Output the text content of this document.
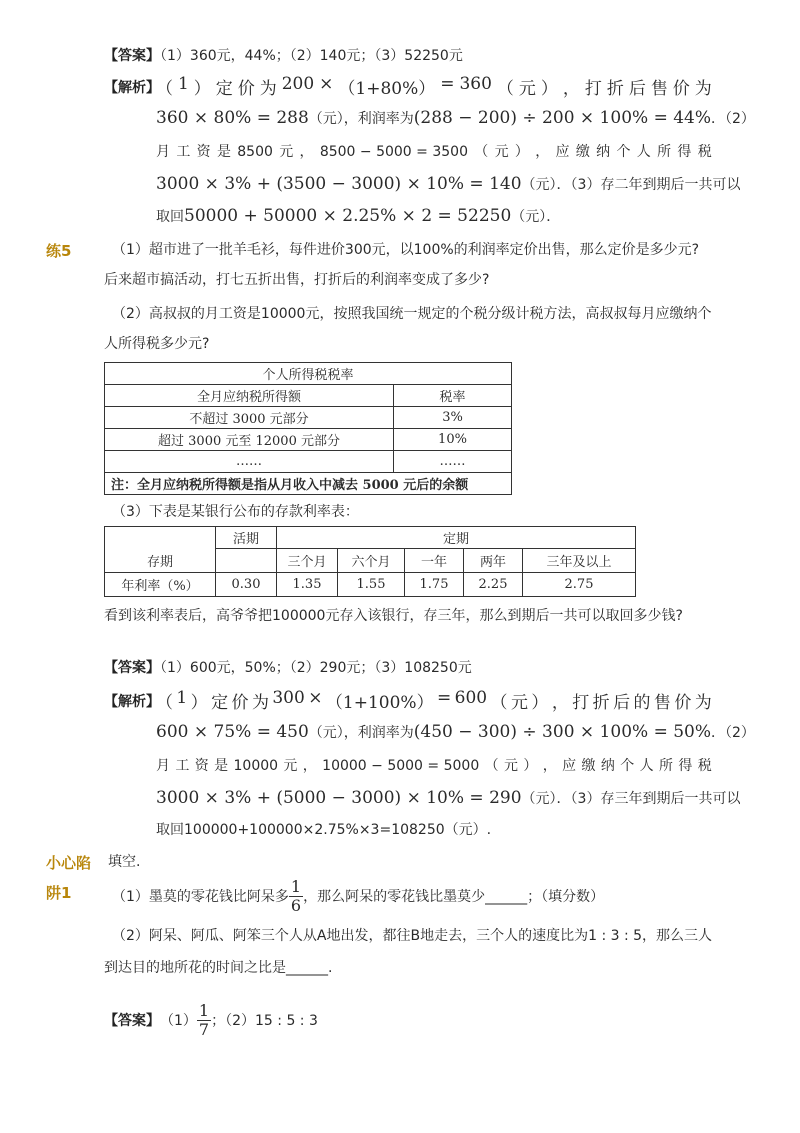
【答案】（1）360元，44%；（2）140元；（3）52250元
【解析】
（ 1 ） 定 价 为 200 × （1+80%） = 360 （ 元 ） ， 打 折 后 售 价 为
360 × 80% = 288（元），利润率为(288 − 200) ÷ 200 × 100% = 44%．（2）
月 工 资 是 8500 元 ， 8500 − 5000 = 3500 （ 元 ） ， 应 缴 纳 个 人 所 得 税
3000 × 3% + (3500 − 3000) × 10% = 140（元）．（3）存二年到期后一共可以
取回50000 + 50000 × 2.25% × 2 = 52250（元）．
练5	（1）超市进了一批羊毛衫，每件进价300元，以100%的利润率定价出售，那么定价是多少元?
后来超市搞活动，打七五折出售，打折后的利润率变成了多少?
（2）高叔叔的月工资是10000元，按照我国统一规定的个税分级计税方法，高叔叔每月应缴纳个
人所得税多少元?
个人所得税税率	
全月应纳税所得额	税率
不超过 3000 元部分	3%
超过 3000 元至 12000 元部分	10%
……	……
注：全月应纳税所得额是指从月收入中减去 5000 元后的余额	
（3）下表是某银行公布的存款利率表：
	活期	定期				
存期		三个月	六个月	一年	两年	三年及以上
年利率（%）	0.30	1.35	1.55	1.75	2.25	2.75
看到该利率表后，高爷爷把100000元存入该银行，存三年，那么到期后一共可以取回多少钱?
【答案】（1）600元，50%；（2）290元；（3）108250元
【解析】
（ 1 ） 定 价 为 300 × （1+100%） = 600 （ 元 ） ， 打 折 后 的 售 价 为
600 × 75% = 450（元），利润率为(450 − 300) ÷ 300 × 100% = 50%．（2）
月 工 资 是 10000 元 ， 10000 − 5000 = 5000 （ 元 ） ， 应 缴 纳 个 人 所 得 税
3000 × 3% + (5000 − 3000) × 10% = 290（元）．（3）存三年到期后一共可以
取回100000+100000×2.75%×3=108250（元）.
小心陷
阱1
填空.
（1）墨莫的零花钱比阿呆多 $\frac{1}{6}$ ，那么阿呆的零花钱比墨莫少______；（填分数）
（2）阿呆、阿瓜、阿笨三个人从A地出发，都往B地走去，三个人的速度比为1 : 3 : 5，那么三人
到达目的地所花的时间之比是______.
【答案】 $(1) \frac{1}{7}$ ；（2）15 : 5 : 3
